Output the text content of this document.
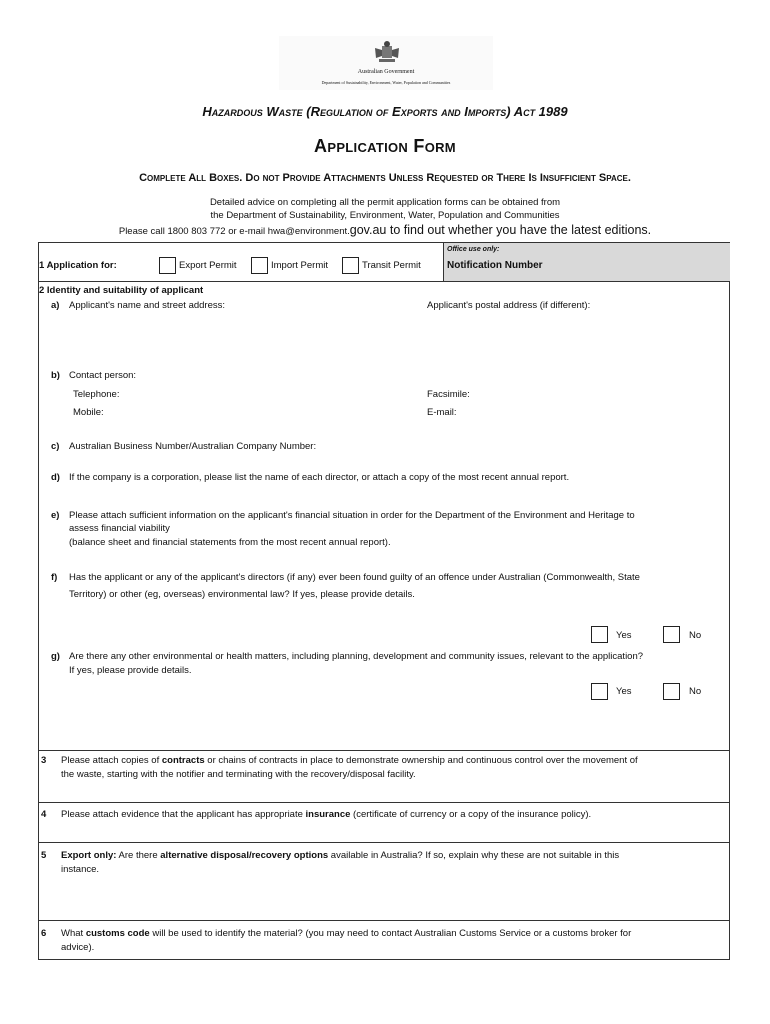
Australian Government
Department of Sustainability, Environment, Water, Population and Communities
Hazardous Waste (Regulation of Exports and Imports) Act 1989
Application Form
Complete All Boxes. Do not Provide Attachments Unless Requested or There Is Insufficient Space.
Detailed advice on completing all the permit application forms can be obtained from
the Department of Sustainability, Environment, Water, Population and Communities
Please call 1800 803 772 or e-mail hwa@environment.gov.au to find out whether you have the latest editions.
Office use only:
Notification Number
1 Application for:	Export Permit	Import Permit	Transit Permit
2 Identity and suitability of applicant
a) Applicant's name and street address:	Applicant's postal address (if different):
b) Contact person:
Telephone:	Facsimile:
Mobile:	E-mail:
c) Australian Business Number/Australian Company Number:
d) If the company is a corporation, please list the name of each director, or attach a copy of the most recent annual report.
e) Please attach sufficient information on the applicant's financial situation in order for the Department of the Environment and Heritage to
assess financial viability
(balance sheet and financial statements from the most recent annual report).
f) Has the applicant or any of the applicant's directors (if any) ever been found guilty of an offence under Australian (Commonwealth, State
Territory) or other (eg, overseas) environmental law? If yes, please provide details.
Yes	No
g) Are there any other environmental or health matters, including planning, development and community issues, relevant to the application?
If yes, please provide details.
Yes	No
3 Please attach copies of contracts or chains of contracts in place to demonstrate ownership and continuous control over the movement of
the waste, starting with the notifier and terminating with the recovery/disposal facility.
4 Please attach evidence that the applicant has appropriate insurance (certificate of currency or a copy of the insurance policy).
5 Export only: Are there alternative disposal/recovery options available in Australia? If so, explain why these are not suitable in this
instance.
6 What customs code will be used to identify the material? (you may need to contact Australian Customs Service or a customs broker for
advice).
